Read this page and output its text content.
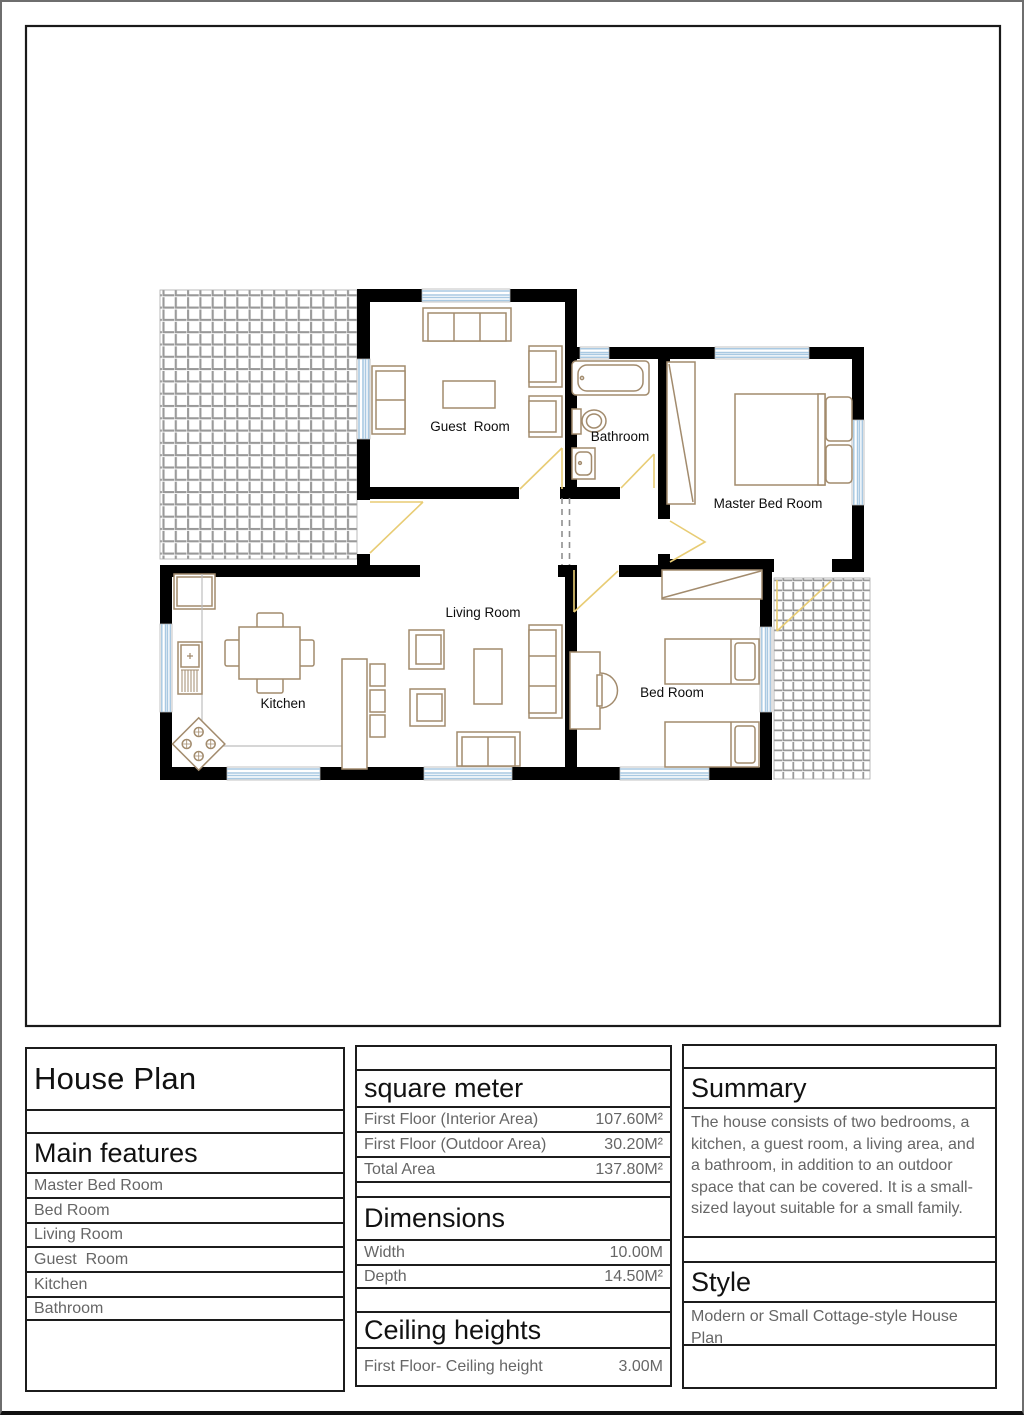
Guest  Room
Bathroom
Master Bed Room
Living Room
Kitchen
Bed Room
House Plan
Main features
Master Bed Room
Bed Room
Living Room
Guest  Room
Kitchen
Bathroom
square meter
First Floor (Interior Area)	107.60M²
First Floor (Outdoor Area)	30.20M²
Total Area	137.80M²
Dimensions
Width	10.00M
Depth	14.50M²
Ceiling heights
First Floor- Ceiling height	3.00M
Summary
The house consists of two bedrooms, a kitchen, a guest room, a living area, and a bathroom, in addition to an outdoor space that can be covered. It is a small-sized layout suitable for a small family.
Style
Modern or Small Cottage-style House Plan
